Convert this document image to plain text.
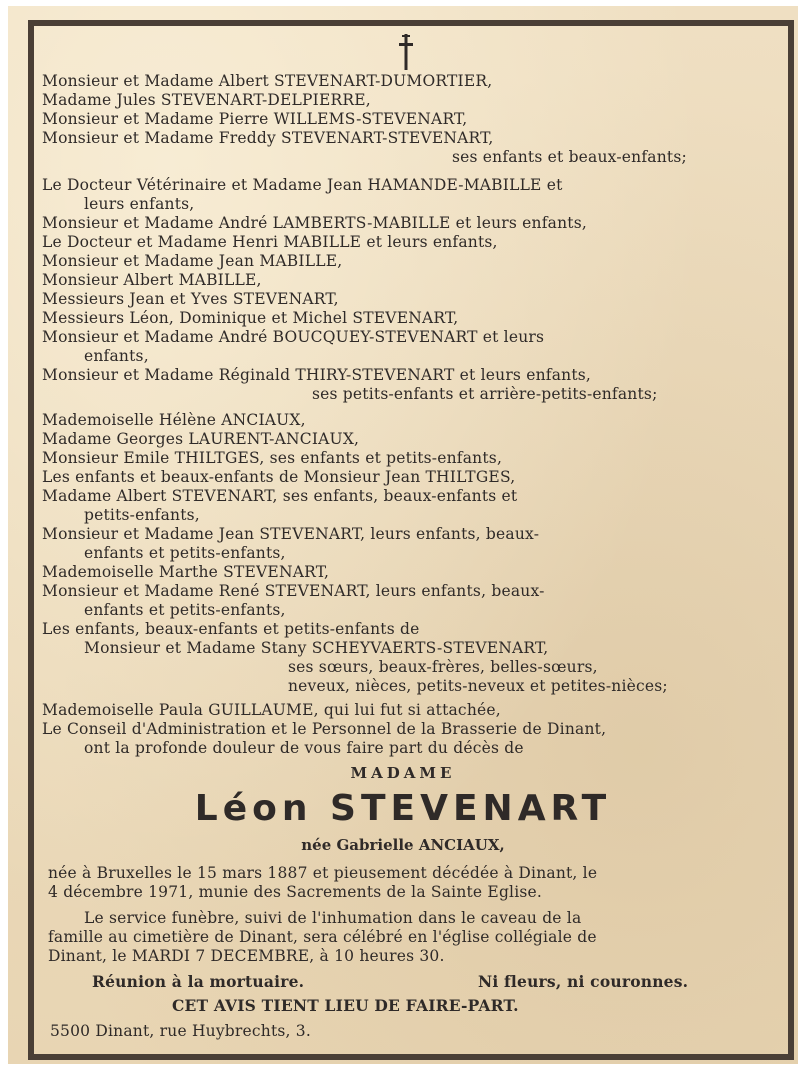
Monsieur et Madame Albert STEVENART-DUMORTIER,
Madame Jules STEVENART-DELPIERRE,
Monsieur et Madame Pierre WILLEMS-STEVENART,
Monsieur et Madame Freddy STEVENART-STEVENART,
ses enfants et beaux-enfants;
Le Docteur Vétérinaire et Madame Jean HAMANDE-MABILLE et
leurs enfants,
Monsieur et Madame André LAMBERTS-MABILLE et leurs enfants,
Le Docteur et Madame Henri MABILLE et leurs enfants,
Monsieur et Madame Jean MABILLE,
Monsieur Albert MABILLE,
Messieurs Jean et Yves STEVENART,
Messieurs Léon, Dominique et Michel STEVENART,
Monsieur et Madame André BOUCQUEY-STEVENART et leurs
enfants,
Monsieur et Madame Réginald THIRY-STEVENART et leurs enfants,
ses petits-enfants et arrière-petits-enfants;
Mademoiselle Hélène ANCIAUX,
Madame Georges LAURENT-ANCIAUX,
Monsieur Emile THILTGES, ses enfants et petits-enfants,
Les enfants et beaux-enfants de Monsieur Jean THILTGES,
Madame Albert STEVENART, ses enfants, beaux-enfants et
petits-enfants,
Monsieur et Madame Jean STEVENART, leurs enfants, beaux-
enfants et petits-enfants,
Mademoiselle Marthe STEVENART,
Monsieur et Madame René STEVENART, leurs enfants, beaux-
enfants et petits-enfants,
Les enfants, beaux-enfants et petits-enfants de
Monsieur et Madame Stany SCHEYVAERTS-STEVENART,
ses sœurs, beaux-frères, belles-sœurs,
neveux, nièces, petits-neveux et petites-nièces;
Mademoiselle Paula GUILLAUME, qui lui fut si attachée,
Le Conseil d'Administration et le Personnel de la Brasserie de Dinant,
ont la profonde douleur de vous faire part du décès de
MADAME
Léon STEVENART
née Gabrielle ANCIAUX,
née à Bruxelles le 15 mars 1887 et pieusement décédée à Dinant, le
4 décembre 1971, munie des Sacrements de la Sainte Eglise.
Le service funèbre, suivi de l'inhumation dans le caveau de la
famille au cimetière de Dinant, sera célébré en l'église collégiale de
Dinant, le MARDI 7 DECEMBRE, à 10 heures 30.
Réunion à la mortuaire.	Ni fleurs, ni couronnes.
CET AVIS TIENT LIEU DE FAIRE-PART.
5500 Dinant, rue Huybrechts, 3.
